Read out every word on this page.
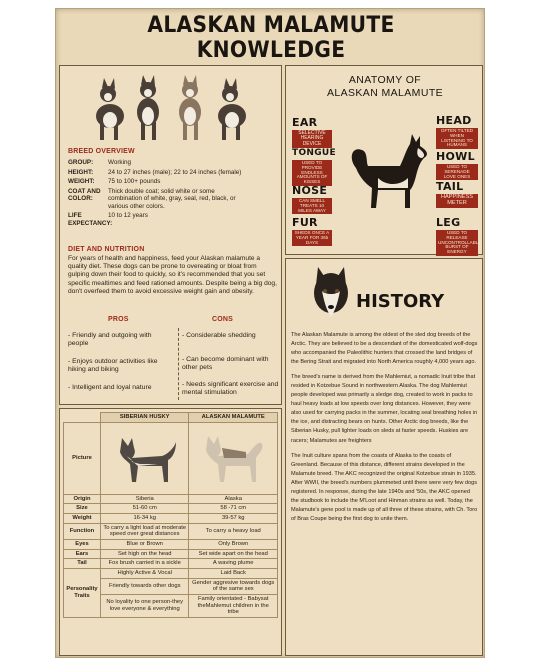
ALASKAN MALAMUTE KNOWLEDGE
BREED OVERVIEW
GROUP:	Working
HEIGHT:	24 to 27 inches (male); 22 to 24 inches (female)
WEIGHT:	75 to 100+ pounds
COAT AND COLOR:
Thick double coat; solid white or some combination of white, gray, seal, red, black, or various other colors.
LIFE EXPECTANCY:
10 to 12 years
DIET AND NUTRITION
For years of health and happiness, feed your Alaskan malamute a quality diet. These dogs can be prone to overeating or bloat from gulping down their food to quickly, so it's recommended that you set specific mealtimes and feed rationed amounts. Despite being a big dog, don't overfeed them to avoid excessive weight gain and obesity.
PROS	CONS
- Friendly and outgoing with people
- Enjoys outdoor activities like hiking and biking
- Intelligent and loyal nature
- Considerable shedding
- Can become dominant with other pets
- Needs significant exercise and mental stimulation
ANATOMY OF
ALASKAN MALAMUTE
EAR
SELECTIVE HEARING DEVICE
TONGUE
USED TO PROVIDE ENDLESS AMOUNTS OF KISSES
NOSE
CAN SMELL TREATS 10 MILES AWAY
FUR
SHEDS ONCE A YEAR FOR 365 DAYS
HEAD
OFTEN TILTED WHEN LISTENING TO HUMANS
HOWL
USED TO SERENADE LOVE ONES
TAIL
HAPPINESS METER
LEG
USED TO RELEASE UNCONTROLLABLE BURST OF ENERGY
HISTORY

The Alaskan Malamute is among the oldest of the sled dog breeds of the Arctic. They are believed to be a descendant of the domesticated wolf-dogs who accompanied the Paleolithic hunters that crossed the land bridges of the Bering Strait and migrated into North America roughly 4,000 years ago.

The breed's name is derived from the Mahlemiut, a nomadic Inuit tribe that resided in Kotzebue Sound in northwestern Alaska. The dog Mahlemiut people developed was primarily a sledge dog, created to work in packs to haul heavy loads at low speeds over long distances. However, they were also used for carrying packs in the summer, locating seal breathing holes in the ice, and distracting bears on hunts. Other Arctic dog breeds, like the Siberian Husky, pull lighter loads on sleds at faster speeds. Huskies are racers; Malamutes are freighters

The Inuit culture spans from the coasts of Alaska to the coasts of Greenland. Because of this distance, different strains developed in the Malamute breed. The AKC recognized the original Kotzebue strain in 1935. After WWII, the breed's numbers plummeted until there were very few dogs registered. In response, during the late 1940s and '50s, the AKC opened the studbook to include the M'Loot and Hinman strains as well. Today, the Malamute's gene pool is made up of all three of these strains, with Ch. Toro of Bras Coupe being the first dog to unite them.

	SIBERIAN HUSKY	ALASKAN MALAMUTE
Picture		
Origin	Siberia	Alaska
Size	51-60 cm	58 -71 cm
Weight	16-34 kg	39-57 kg
Function	To carry a light load at moderate speed over great distances	To carry a heavy load
Eyes	Blue or Brown	Only Brown
Ears	Set high on the head	Set wide apart on the head
Tail	Fox brush carried in a sickle	A waving plume
Personality Traits	Highly Active & Vocal	Laid Back
	Friendly towards other dogs	Gender aggresive towards dogs of the same sex
	No loyality to one person-they love everyone & everything	Family orientated - Babysat theMahlemut children in the tribe
